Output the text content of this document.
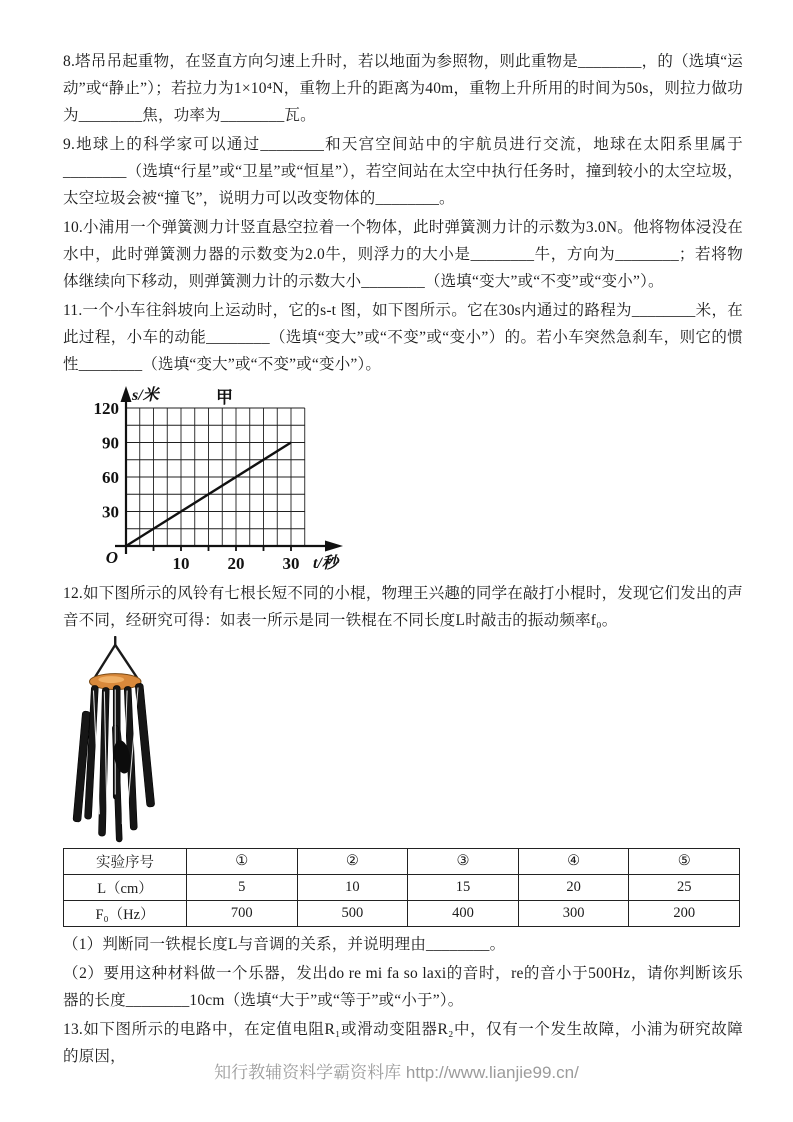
8.塔吊吊起重物，在竖直方向匀速上升时，若以地面为参照物，则此重物是________，的（选填“运动”或“静止”）；若拉力为1×10⁴N，重物上升的距离为40m，重物上升所用的时间为50s，则拉力做功为________焦，功率为________瓦。

9.地球上的科学家可以通过________和天宫空间站中的宇航员进行交流，地球在太阳系里属于________（选填“行星”或“卫星”或“恒星”），若空间站在太空中执行任务时，撞到较小的太空垃圾，太空垃圾会被“撞飞”，说明力可以改变物体的________。

10.小浦用一个弹簧测力计竖直悬空拉着一个物体，此时弹簧测力计的示数为3.0N。他将物体浸没在水中，此时弹簧测力器的示数变为2.0牛，则浮力的大小是________牛，方向为________；若将物体继续向下移动，则弹簧测力计的示数大小________（选填“变大”或“不变”或“变小”）。

11.一个小车往斜坡向上运动时，它的s-t 图，如下图所示。它在30s内通过的路程为________米，在此过程，小车的动能________（选填“变大”或“不变”或“变小”）的。若小车突然急刹车，则它的惯性________（选填“变大”或“不变”或“变小”）。

120
90
60
30
10 20 30
s/米	甲
t/秒
O

12.如下图所示的风铃有七根长短不同的小棍，物理王兴趣的同学在敲打小棍时，发现它们发出的声音不同，经研究可得：如表一所示是同一铁棍在不同长度L时敲击的振动频率f₀。

实验序号	①	②	③	④	⑤
L（cm）	5	10	15	20	25
F₀（Hz）	700	500	400	300	200

（1）判断同一铁棍长度L与音调的关系，并说明理由________。

（2）要用这种材料做一个乐器，发出do re mi fa so laxi的音时，re的音小于500Hz，请你判断该乐器的长度________10cm（选填“大于”或“等于”或“小于”）。

13.如下图所示的电路中，在定值电阻R₁或滑动变阻器R₂中，仅有一个发生故障，小浦为研究故障的原因，

知行教辅资料学霸资料库 http://www.lianjie99.cn/
